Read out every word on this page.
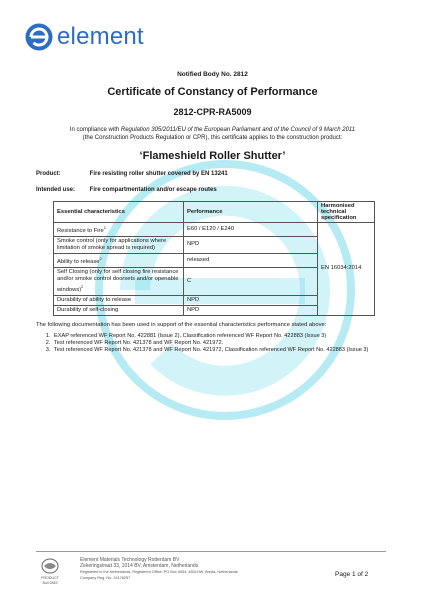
element
Notified Body No. 2812
Certificate of Constancy of Performance
2812-CPR-RA5009
In compliance with Regulation 305/2011/EU of the European Parliament and of the Council of 9 March 2011
(the Construction Products Regulation or CPR), this certificate applies to the construction product:
‘Flameshield Roller Shutter’
Product:	Fire resisting roller shutter covered by EN 13241
Intended use: Fire compartmentation and/or escape routes
Essential characteristics	Performance	Harmonised technical specification
Resistance to Fire$^1$	E60 / E120 / E240	EN 16034:2014
Smoke control (only for applications where limitation of smoke spread is required)	NPD	
Ability to release$^2$	released	
Self Closing (only for self closing fire resistance and/or smoke control doorsets and/or openable windows)$^2$	C	
Durability of ability to release	NPD	
Durability of self-closing	NPD	
The following documentation has been used in support of the essential characteristics performance stated above:
1. EXAP referenced WF Report No. 422881 (Issue 2), Classification referenced WF Report No. 422883 (Issue 3)
2. Test referenced WF Report No. 421378 and WF Report No. 421972.
3. Test referenced WF Report No. 421378 and WF Report No. 421972, Classification referenced WF Report No. 422883 (Issue 3)
PRODUCT
Bull 2849
Element Materials Technology Rotterdam BV
Zekeringstraat 33, 1014 BV, Amsterdam, Netherlands
Registered in the Netherlands. Registered Office: PO Box 6054, 4801HW, Breda, Netherlands
Company Reg. No. 24178257	Page 1 of 2
